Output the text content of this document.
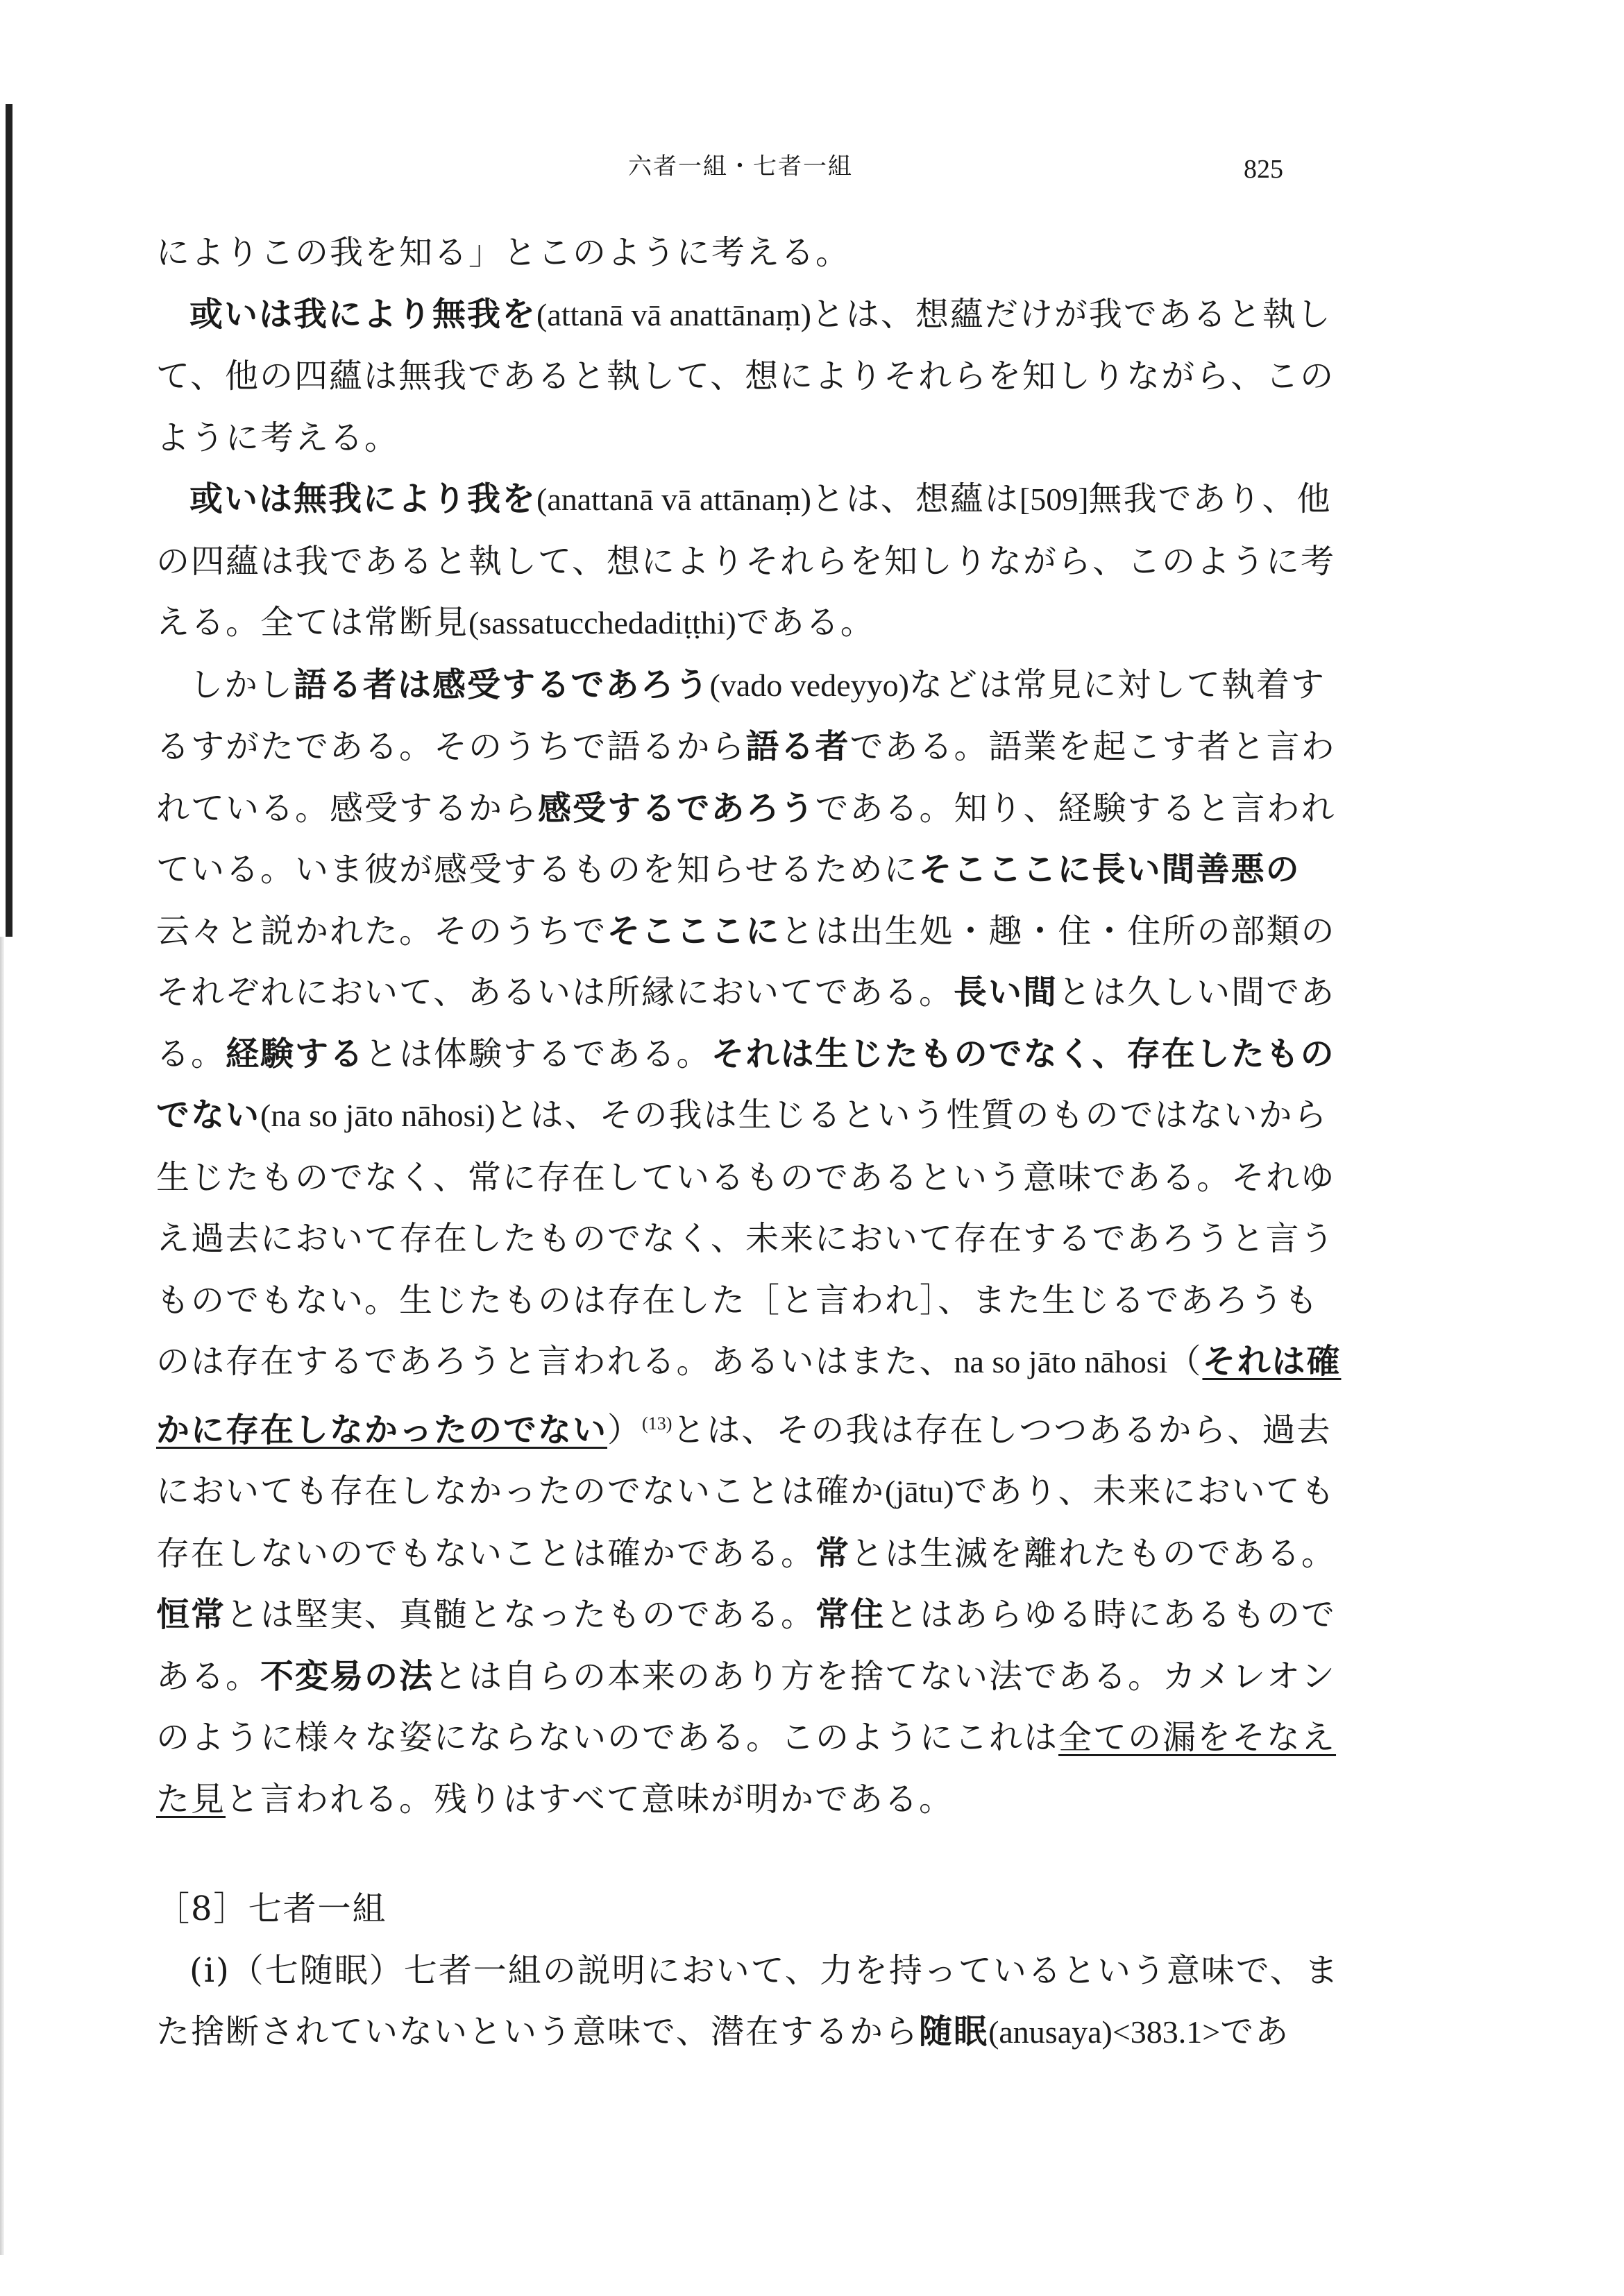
六者一組・七者一組	825

によりこの我を知る」とこのように考える。

或いは我により無我を(attanā vā anattānaṃ)とは、想蘊だけが我であると執して、他の四蘊は無我であると執して、想によりそれらを知しりながら、このように考える。

或いは無我により我を(anattanā vā attānaṃ)とは、想蘊は[509]無我であり、他の四蘊は我であると執して、想によりそれらを知しりながら、このように考える。全ては常断見(sassatucchedadiṭṭhi)である。

しかし語る者は感受するであろう(vado vedeyyo)などは常見に対して執着するすがたである。そのうちで語るから語る者である。語業を起こす者と言われている。感受するから感受するであろうである。知り、経験すると言われている。いま彼が感受するものを知らせるためにそこここに長い間善悪の云々と説かれた。そのうちでそこここにとは出生処・趣・住・住所の部類のそれぞれにおいて、あるいは所縁においてである。長い間とは久しい間である。経験するとは体験するである。それは生じたものでなく、存在したものでない(na so jāto nāhosi)とは、その我は生じるという性質のものではないから生じたものでなく、常に存在しているものであるという意味である。それゆえ過去において存在したものでなく、未来において存在するであろうと言うものでもない。生じたものは存在した［と言われ］、また生じるであろうものは存在するであろうと言われる。あるいはまた、na so jāto nāhosi（それは確かに存在しなかったのでない）$^{(13)}$とは、その我は存在しつつあるから、過去においても存在しなかったのでないことは確か(jātu)であり、未来においても存在しないのでもないことは確かである。常とは生滅を離れたものである。恒常とは堅実、真髄となったものである。常住とはあらゆる時にあるものである。不変易の法とは自らの本来のあり方を捨てない法である。カメレオンのように様々な姿にならないのである。このようにこれは全ての漏をそなえた見と言われる。残りはすべて意味が明かである。

［8］七者一組

(i)（七随眠）七者一組の説明において、力を持っているという意味で、また捨断されていないという意味で、潜在するから随眠(anusaya)<383.1>であ
